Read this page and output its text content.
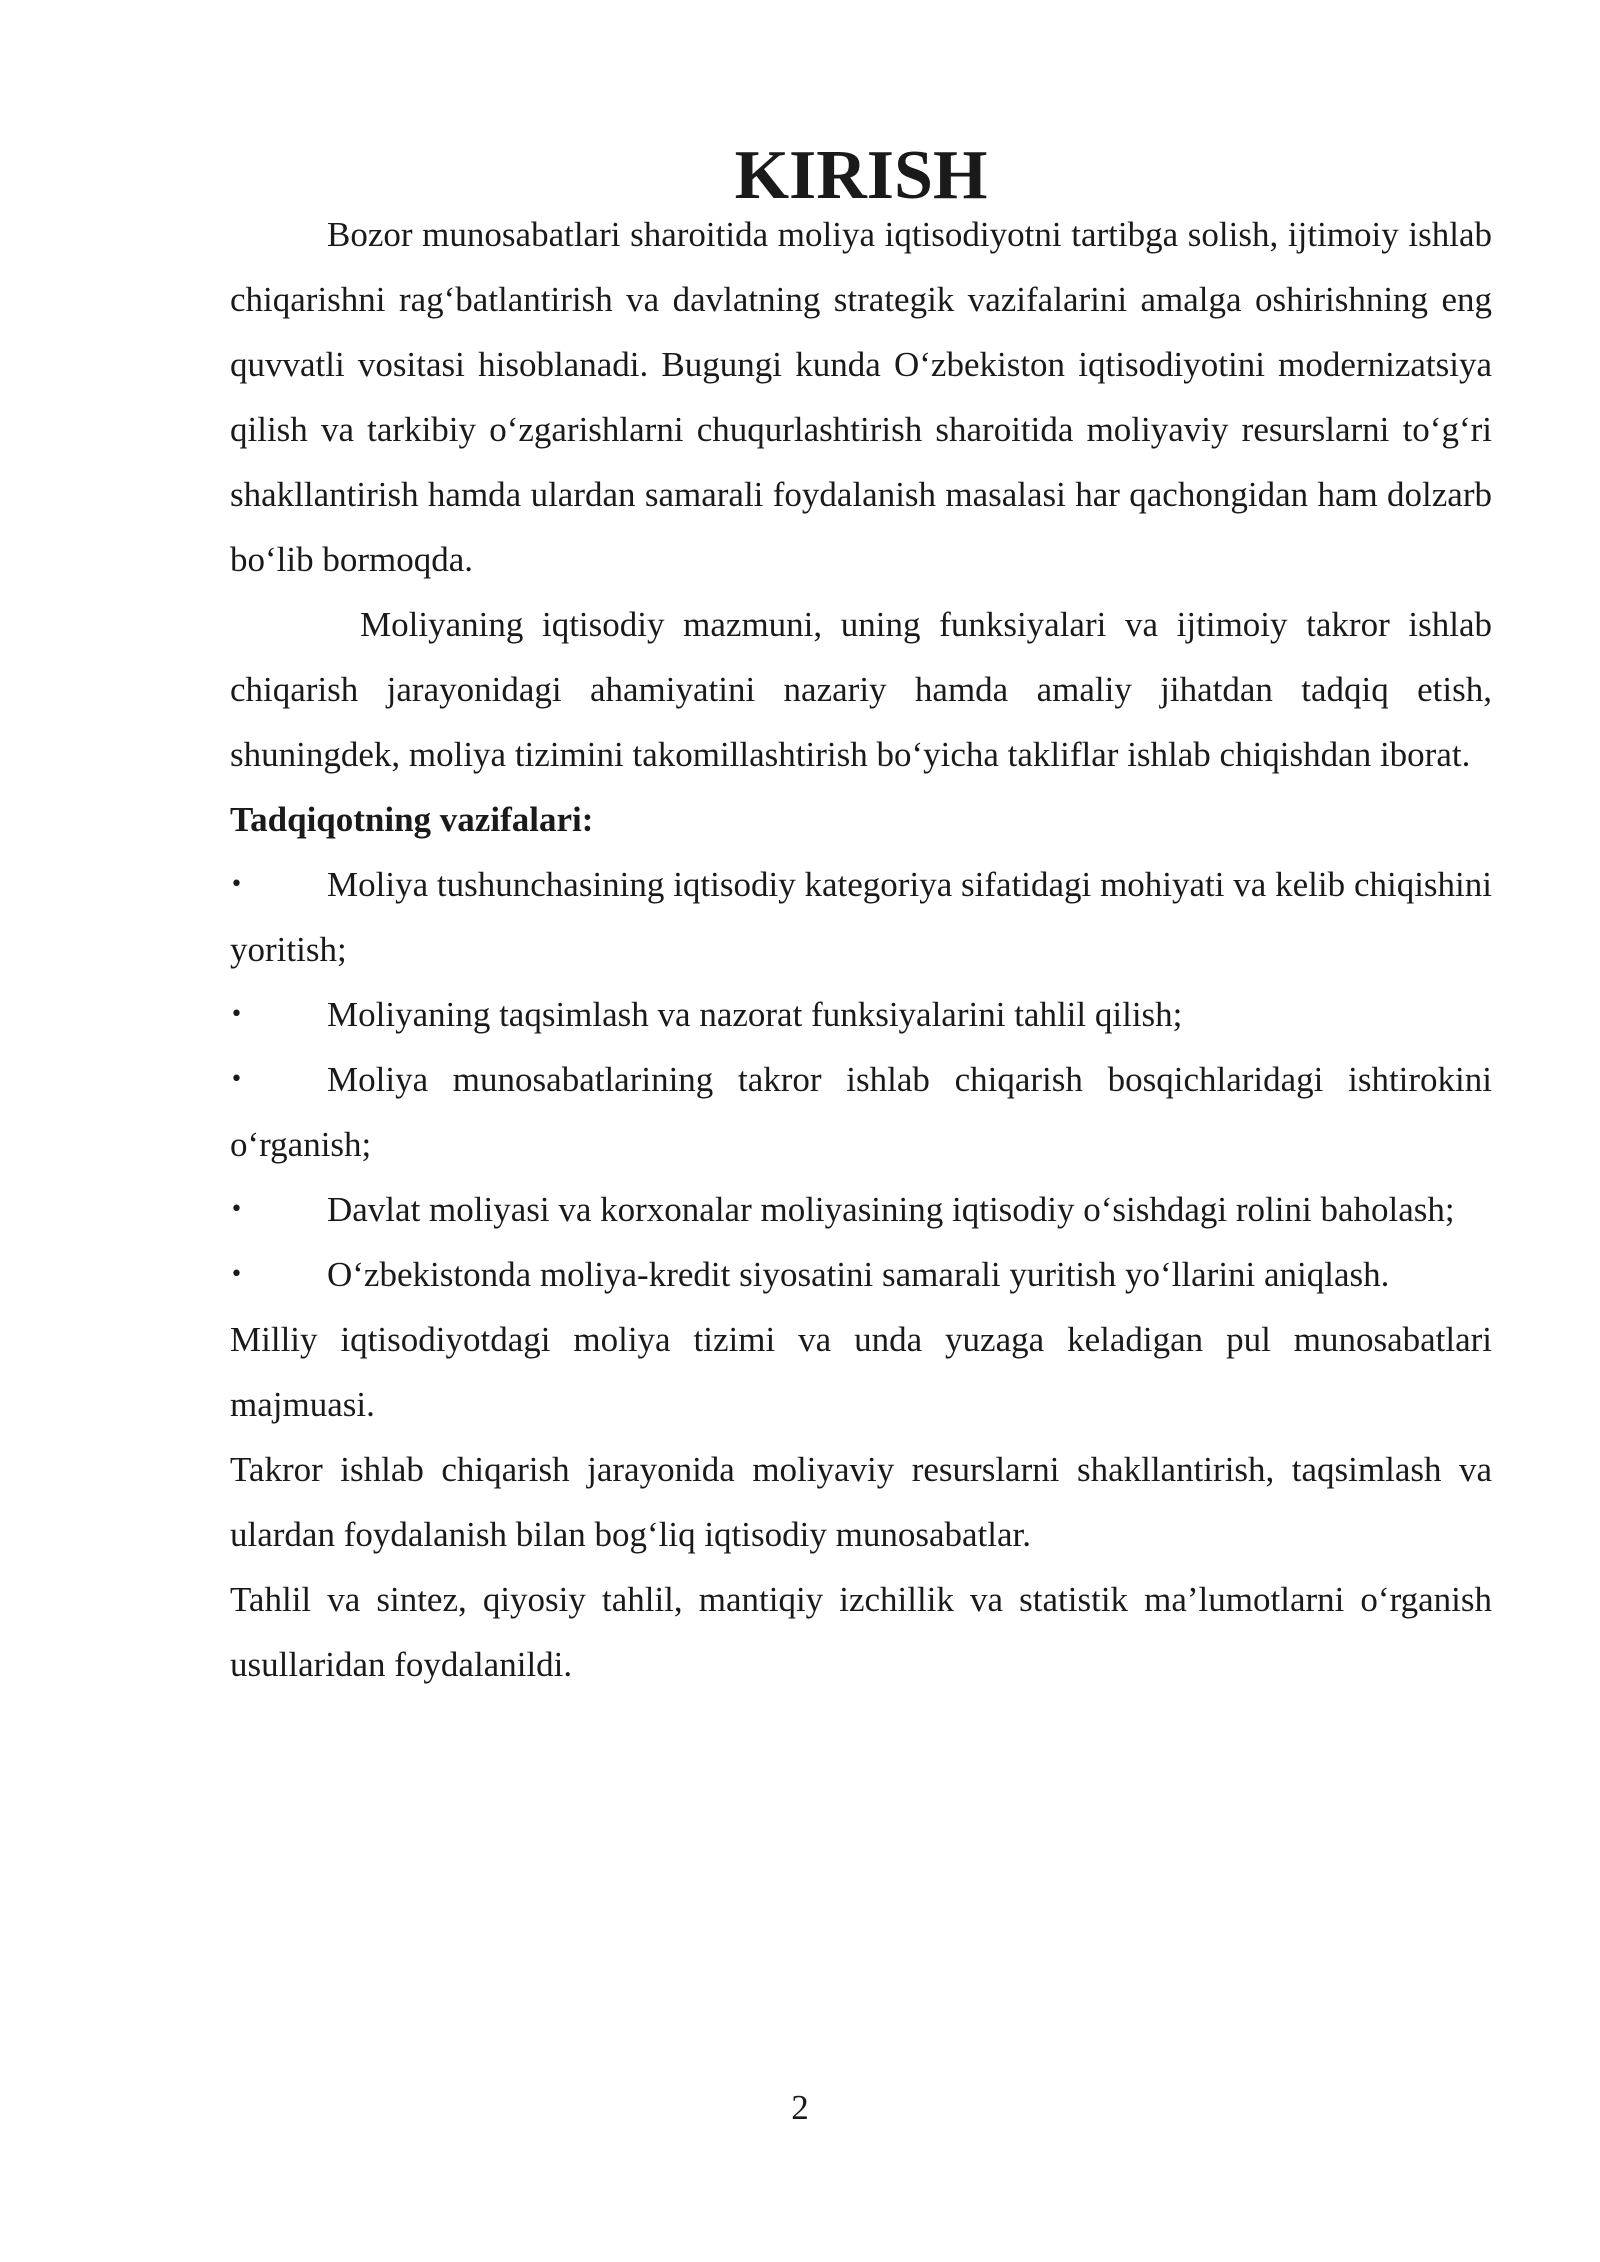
KIRISH

Bozor munosabatlari sharoitida moliya iqtisodiyotni tartibga solish, ijtimoiy ishlab chiqarishni rag‘batlantirish va davlatning strategik vazifalarini amalga oshirishning eng quvvatli vositasi hisoblanadi. Bugungi kunda O‘zbekiston iqtisodiyotini modernizatsiya qilish va tarkibiy o‘zgarishlarni chuqurlashtirish sharoitida moliyaviy resurslarni to‘g‘ri shakllantirish hamda ulardan samarali foydalanish masalasi har qachongidan ham dolzarb bo‘lib bormoqda.

Moliyaning iqtisodiy mazmuni, uning funksiyalari va ijtimoiy takror ishlab chiqarish jarayonidagi ahamiyatini nazariy hamda amaliy jihatdan tadqiq etish, shuningdek, moliya tizimini takomillashtirish bo‘yicha takliflar ishlab chiqishdan iborat.

Tadqiqotning vazifalari:

• Moliya tushunchasining iqtisodiy kategoriya sifatidagi mohiyati va kelib chiqishini yoritish;
• Moliyaning taqsimlash va nazorat funksiyalarini tahlil qilish;
• Moliya munosabatlarining takror ishlab chiqarish bosqichlaridagi ishtirokini o‘rganish;
• Davlat moliyasi va korxonalar moliyasining iqtisodiy o‘sishdagi rolini baholash;
• O‘zbekistonda moliya-kredit siyosatini samarali yuritish yo‘llarini aniqlash.

Milliy iqtisodiyotdagi moliya tizimi va unda yuzaga keladigan pul munosabatlari majmuasi.

Takror ishlab chiqarish jarayonida moliyaviy resurslarni shakllantirish, taqsimlash va ulardan foydalanish bilan bog‘liq iqtisodiy munosabatlar.

Tahlil va sintez, qiyosiy tahlil, mantiqiy izchillik va statistik ma’lumotlarni o‘rganish usullaridan foydalanildi.

2
